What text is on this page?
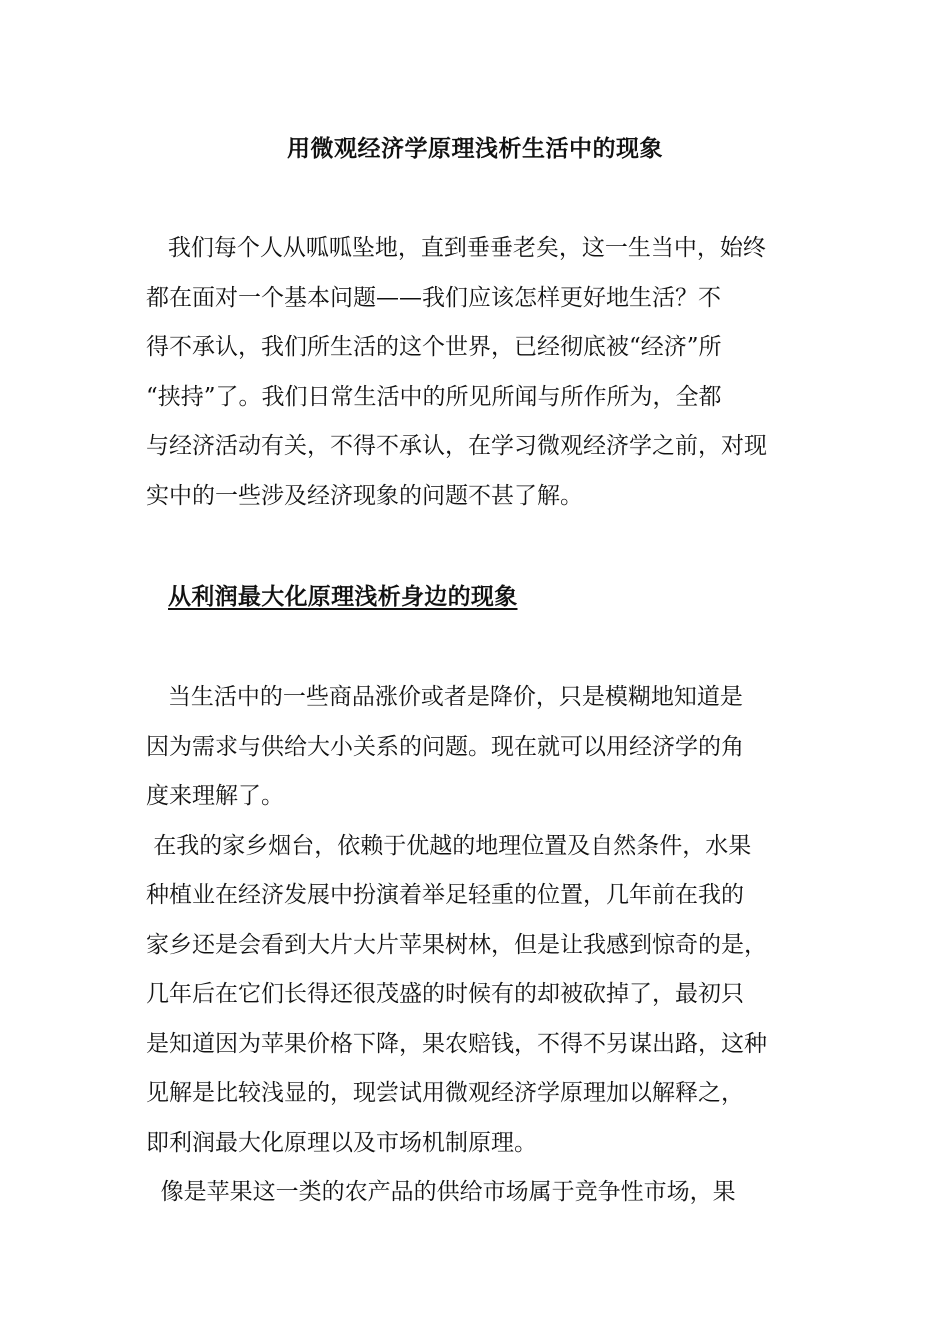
用微观经济学原理浅析生活中的现象
我们每个人从呱呱坠地，直到垂垂老矣，这一生当中，始终
都在面对一个基本问题——我们应该怎样更好地生活？不
得不承认，我们所生活的这个世界，已经彻底被“经济”所
“挟持”了。我们日常生活中的所见所闻与所作所为，全都
与经济活动有关，不得不承认，在学习微观经济学之前，对现
实中的一些涉及经济现象的问题不甚了解。
从利润最大化原理浅析身边的现象
当生活中的一些商品涨价或者是降价，只是模糊地知道是
因为需求与供给大小关系的问题。现在就可以用经济学的角
度来理解了。
在我的家乡烟台，依赖于优越的地理位置及自然条件，水果
种植业在经济发展中扮演着举足轻重的位置，几年前在我的
家乡还是会看到大片大片苹果树林，但是让我感到惊奇的是，
几年后在它们长得还很茂盛的时候有的却被砍掉了，最初只
是知道因为苹果价格下降，果农赔钱，不得不另谋出路，这种
见解是比较浅显的，现尝试用微观经济学原理加以解释之，
即利润最大化原理以及市场机制原理。
像是苹果这一类的农产品的供给市场属于竞争性市场，果
